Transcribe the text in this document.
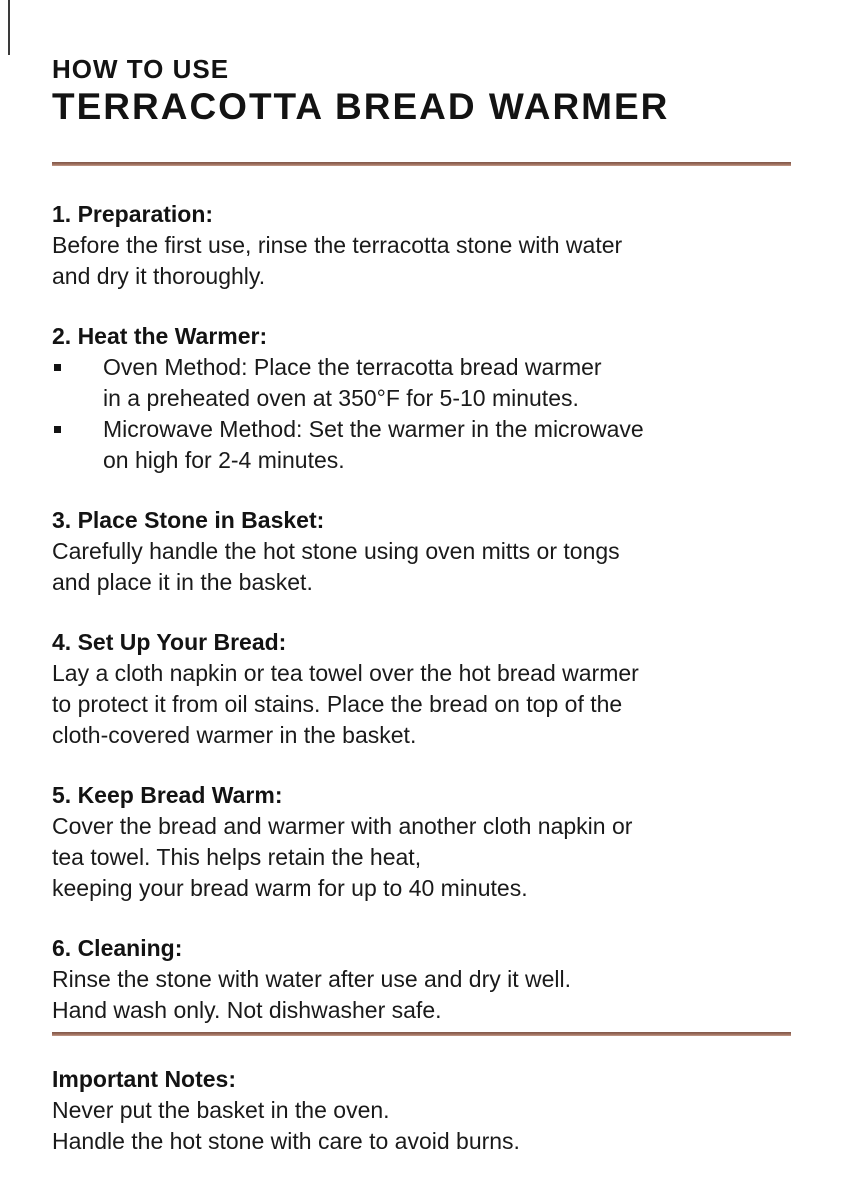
HOW TO USE
TERRACOTTA BREAD WARMER
1. Preparation:
Before the first use, rinse the terracotta stone with water
and dry it thoroughly.
2. Heat the Warmer:
Oven Method: Place the terracotta bread warmer
in a preheated oven at 350°F for 5-10 minutes.
Microwave Method: Set the warmer in the microwave
on high for 2-4 minutes.
3. Place Stone in Basket:
Carefully handle the hot stone using oven mitts or tongs
and place it in the basket.
4. Set Up Your Bread:
Lay a cloth napkin or tea towel over the hot bread warmer
to protect it from oil stains. Place the bread on top of the
cloth-covered warmer in the basket.
5. Keep Bread Warm:
Cover the bread and warmer with another cloth napkin or
tea towel. This helps retain the heat,
keeping your bread warm for up to 40 minutes.
6. Cleaning:
Rinse the stone with water after use and dry it well.
Hand wash only. Not dishwasher safe.
Important Notes:
Never put the basket in the oven.
Handle the hot stone with care to avoid burns.
